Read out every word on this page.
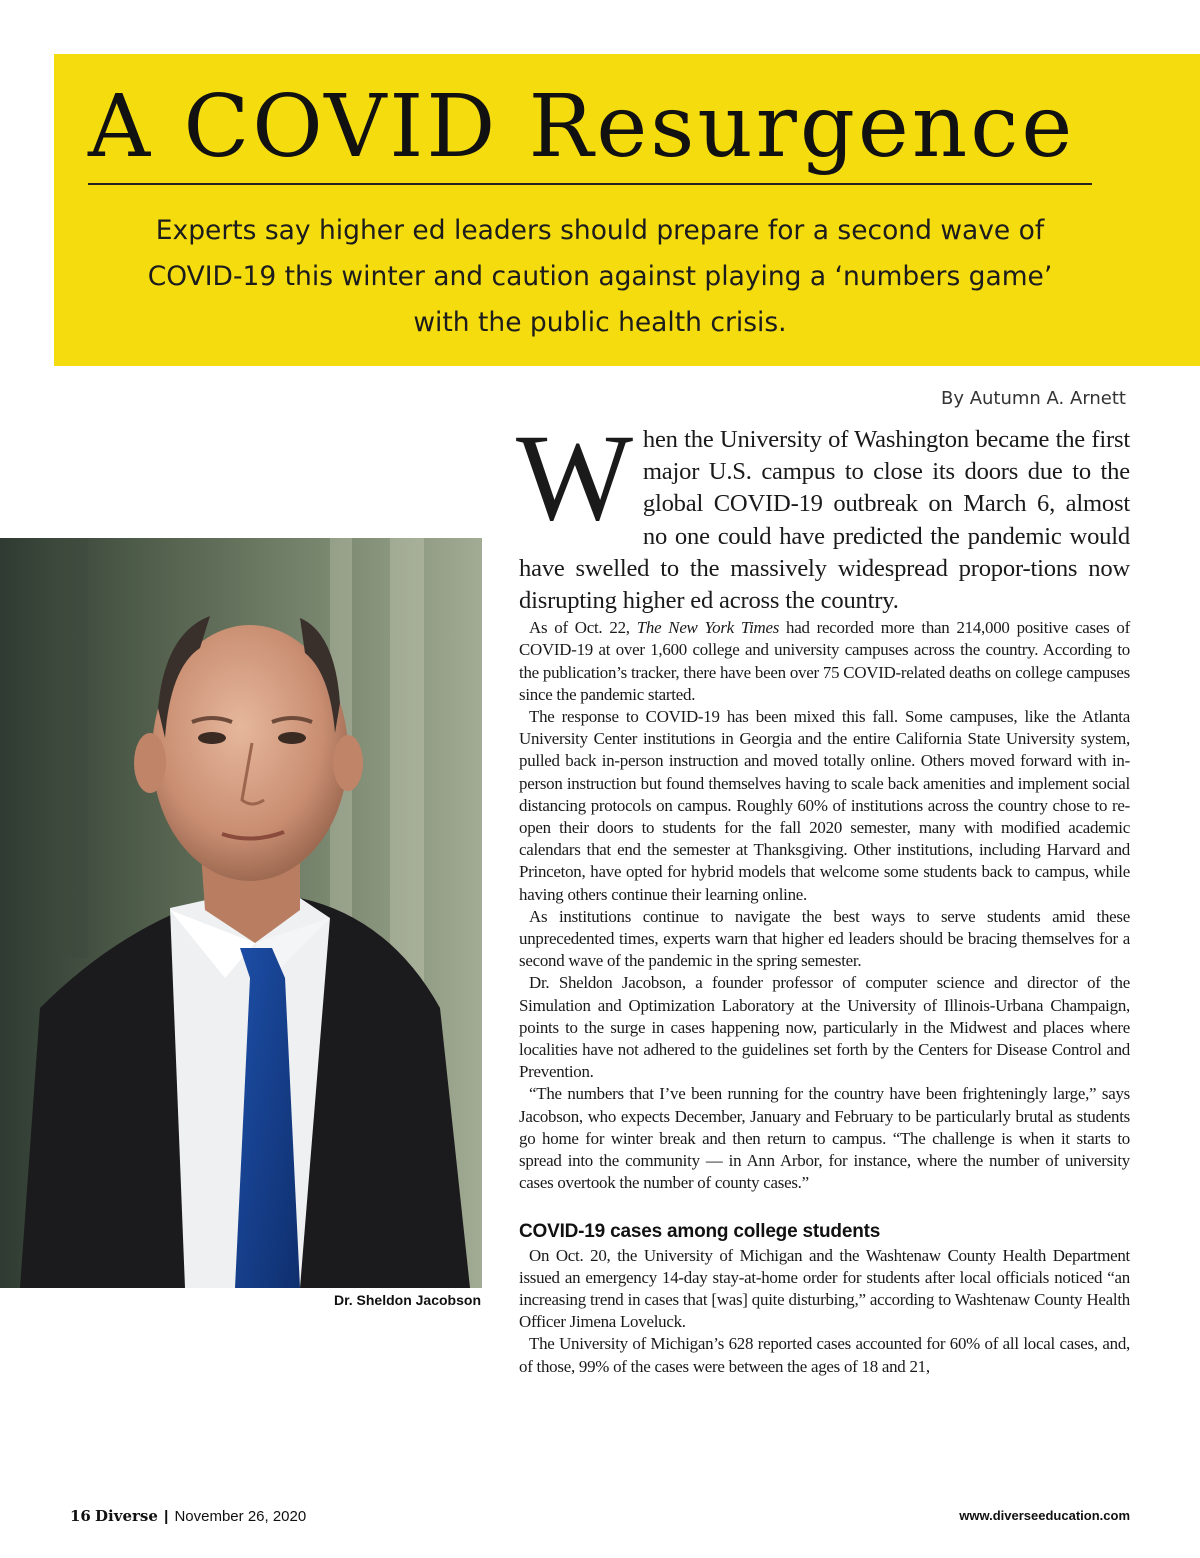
A COVID Resurgence

Experts say higher ed leaders should prepare for a second wave of
COVID-19 this winter and caution against playing a ‘numbers game’
with the public health crisis.

By Autumn A. Arnett
Dr. Sheldon Jacobson

When the University of Washington became the first major U.S. campus to close its doors due to the global COVID-19 outbreak on March 6, almost no one could have predicted the pandemic would have swelled to the massively widespread propor-tions now disrupting higher ed across the country.

As of Oct. 22, The New York Times had recorded more than 214,000 positive cases of COVID-19 at over 1,600 college and university campuses across the country. According to the publication’s tracker, there have been over 75 COVID-related deaths on college campuses since the pandemic started.

The response to COVID-19 has been mixed this fall. Some campuses, like the Atlanta University Center institutions in Georgia and the entire California State University system, pulled back in-person instruction and moved totally online. Others moved forward with in-person instruction but found themselves having to scale back amenities and implement social distancing protocols on campus. Roughly 60% of institutions across the country chose to re-open their doors to students for the fall 2020 semester, many with modified academic calendars that end the semester at Thanksgiving. Other institutions, including Harvard and Princeton, have opted for hybrid models that welcome some students back to campus, while having others continue their learning online.

As institutions continue to navigate the best ways to serve students amid these unprecedented times, experts warn that higher ed leaders should be bracing themselves for a second wave of the pandemic in the spring semester.

Dr. Sheldon Jacobson, a founder professor of computer science and director of the Simulation and Optimization Laboratory at the University of Illinois-Urbana Champaign, points to the surge in cases happening now, particularly in the Midwest and places where localities have not adhered to the guidelines set forth by the Centers for Disease Control and Prevention.

“The numbers that I’ve been running for the country have been frighteningly large,” says Jacobson, who expects December, January and February to be particularly brutal as students go home for winter break and then return to campus. “The challenge is when it starts to spread into the community — in Ann Arbor, for instance, where the number of university cases overtook the number of county cases.”

COVID-19 cases among college students

On Oct. 20, the University of Michigan and the Washtenaw County Health Department issued an emergency 14-day stay-at-home order for students after local officials noticed “an increasing trend in cases that [was] quite disturbing,” according to Washtenaw County Health Officer Jimena Loveluck.

The University of Michigan’s 628 reported cases accounted for 60% of all local cases, and, of those, 99% of the cases were between the ages of 18 and 21,

16 Diverse | November 26, 2020	www.diverseeducation.com
